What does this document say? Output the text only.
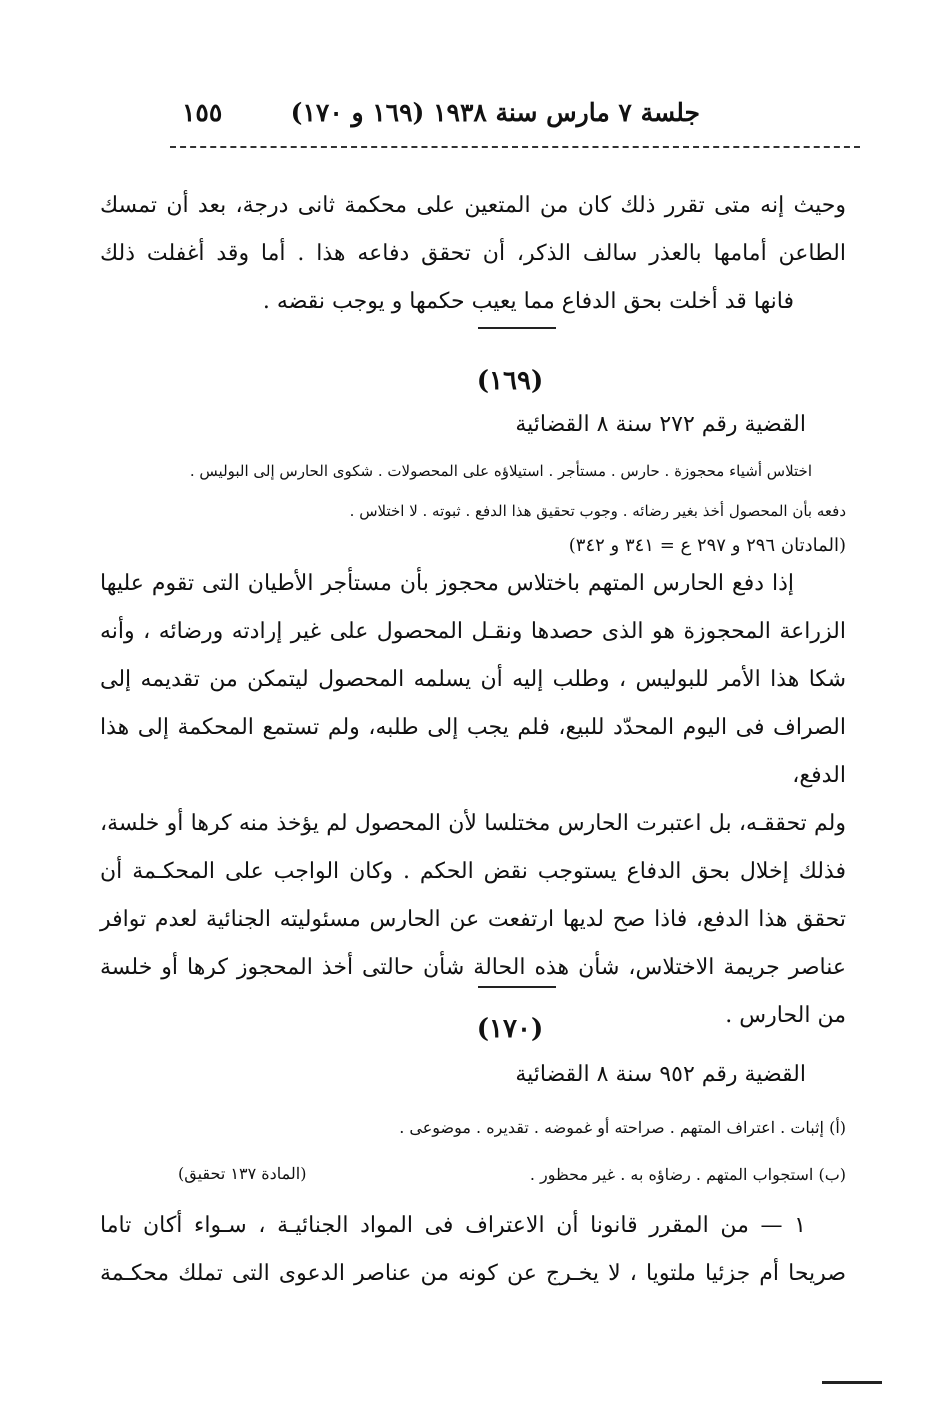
جلسة ٧ مارس سنة ١٩٣٨ (١٦٩ و ١٧٠)
١٥٥
وحيث إنه متى تقرر ذلك كان من المتعين على محكمة ثانى درجة، بعد أن تمسك
الطاعن أمامها بالعذر سالف الذكر، أن تحقق دفاعه هذا . أما وقد أغفلت ذلك
فانها قد أخلت بحق الدفاع مما يعيب حكمها و يوجب نقضه .
(١٦٩)
القضية رقم ٢٧٢ سنة ٨ القضائية
اختلاس أشياء محجوزة . حارس . مستأجر . استيلاؤه على المحصولات . شكوى الحارس إلى البوليس .
دفعه بأن المحصول أخذ بغير رضائه . وجوب تحقيق هذا الدفع . ثبوته . لا اختلاس .
(المادتان ٢٩٦ و ٢٩٧ ع = ٣٤١ و ٣٤٢)
إذا دفع الحارس المتهم باختلاس محجوز بأن مستأجر الأطيان التى تقوم عليها
الزراعة المحجوزة هو الذى حصدها ونقـل المحصول على غير إرادته ورضائه ، وأنه
شكا هذا الأمر للبوليس ، وطلب إليه أن يسلمه المحصول ليتمكن من تقديمه إلى
الصراف فى اليوم المحدّد للبيع، فلم يجب إلى طلبه، ولم تستمع المحكمة إلى هذا الدفع،
ولم تحققـه، بل اعتبرت الحارس مختلسا لأن المحصول لم يؤخذ منه كرها أو خلسة،
فذلك إخلال بحق الدفاع يستوجب نقض الحكم . وكان الواجب على المحكـمة أن
تحقق هذا الدفع، فاذا صح لديها ارتفعت عن الحارس مسئوليته الجنائية لعدم توافر
عناصر جريمة الاختلاس، شأن هذه الحالة شأن حالتى أخذ المحجوز كرها أو خلسة
من الحارس .
(١٧٠)
القضية رقم ٩٥٢ سنة ٨ القضائية
(أ) إثبات . اعتراف المتهم . صراحته أو غموضه . تقديره . موضوعى .
(ب) استجواب المتهم . رضاؤه به . غير محظور .
(المادة ١٣٧ تحقيق)
١ — من المقرر قانونا أن الاعتراف فى المواد الجنائيـة ، سـواء أكان تاما
صريحا أم جزئيا ملتويا ، لا يخـرج عن كونه من عناصر الدعوى التى تملك محكـمة
